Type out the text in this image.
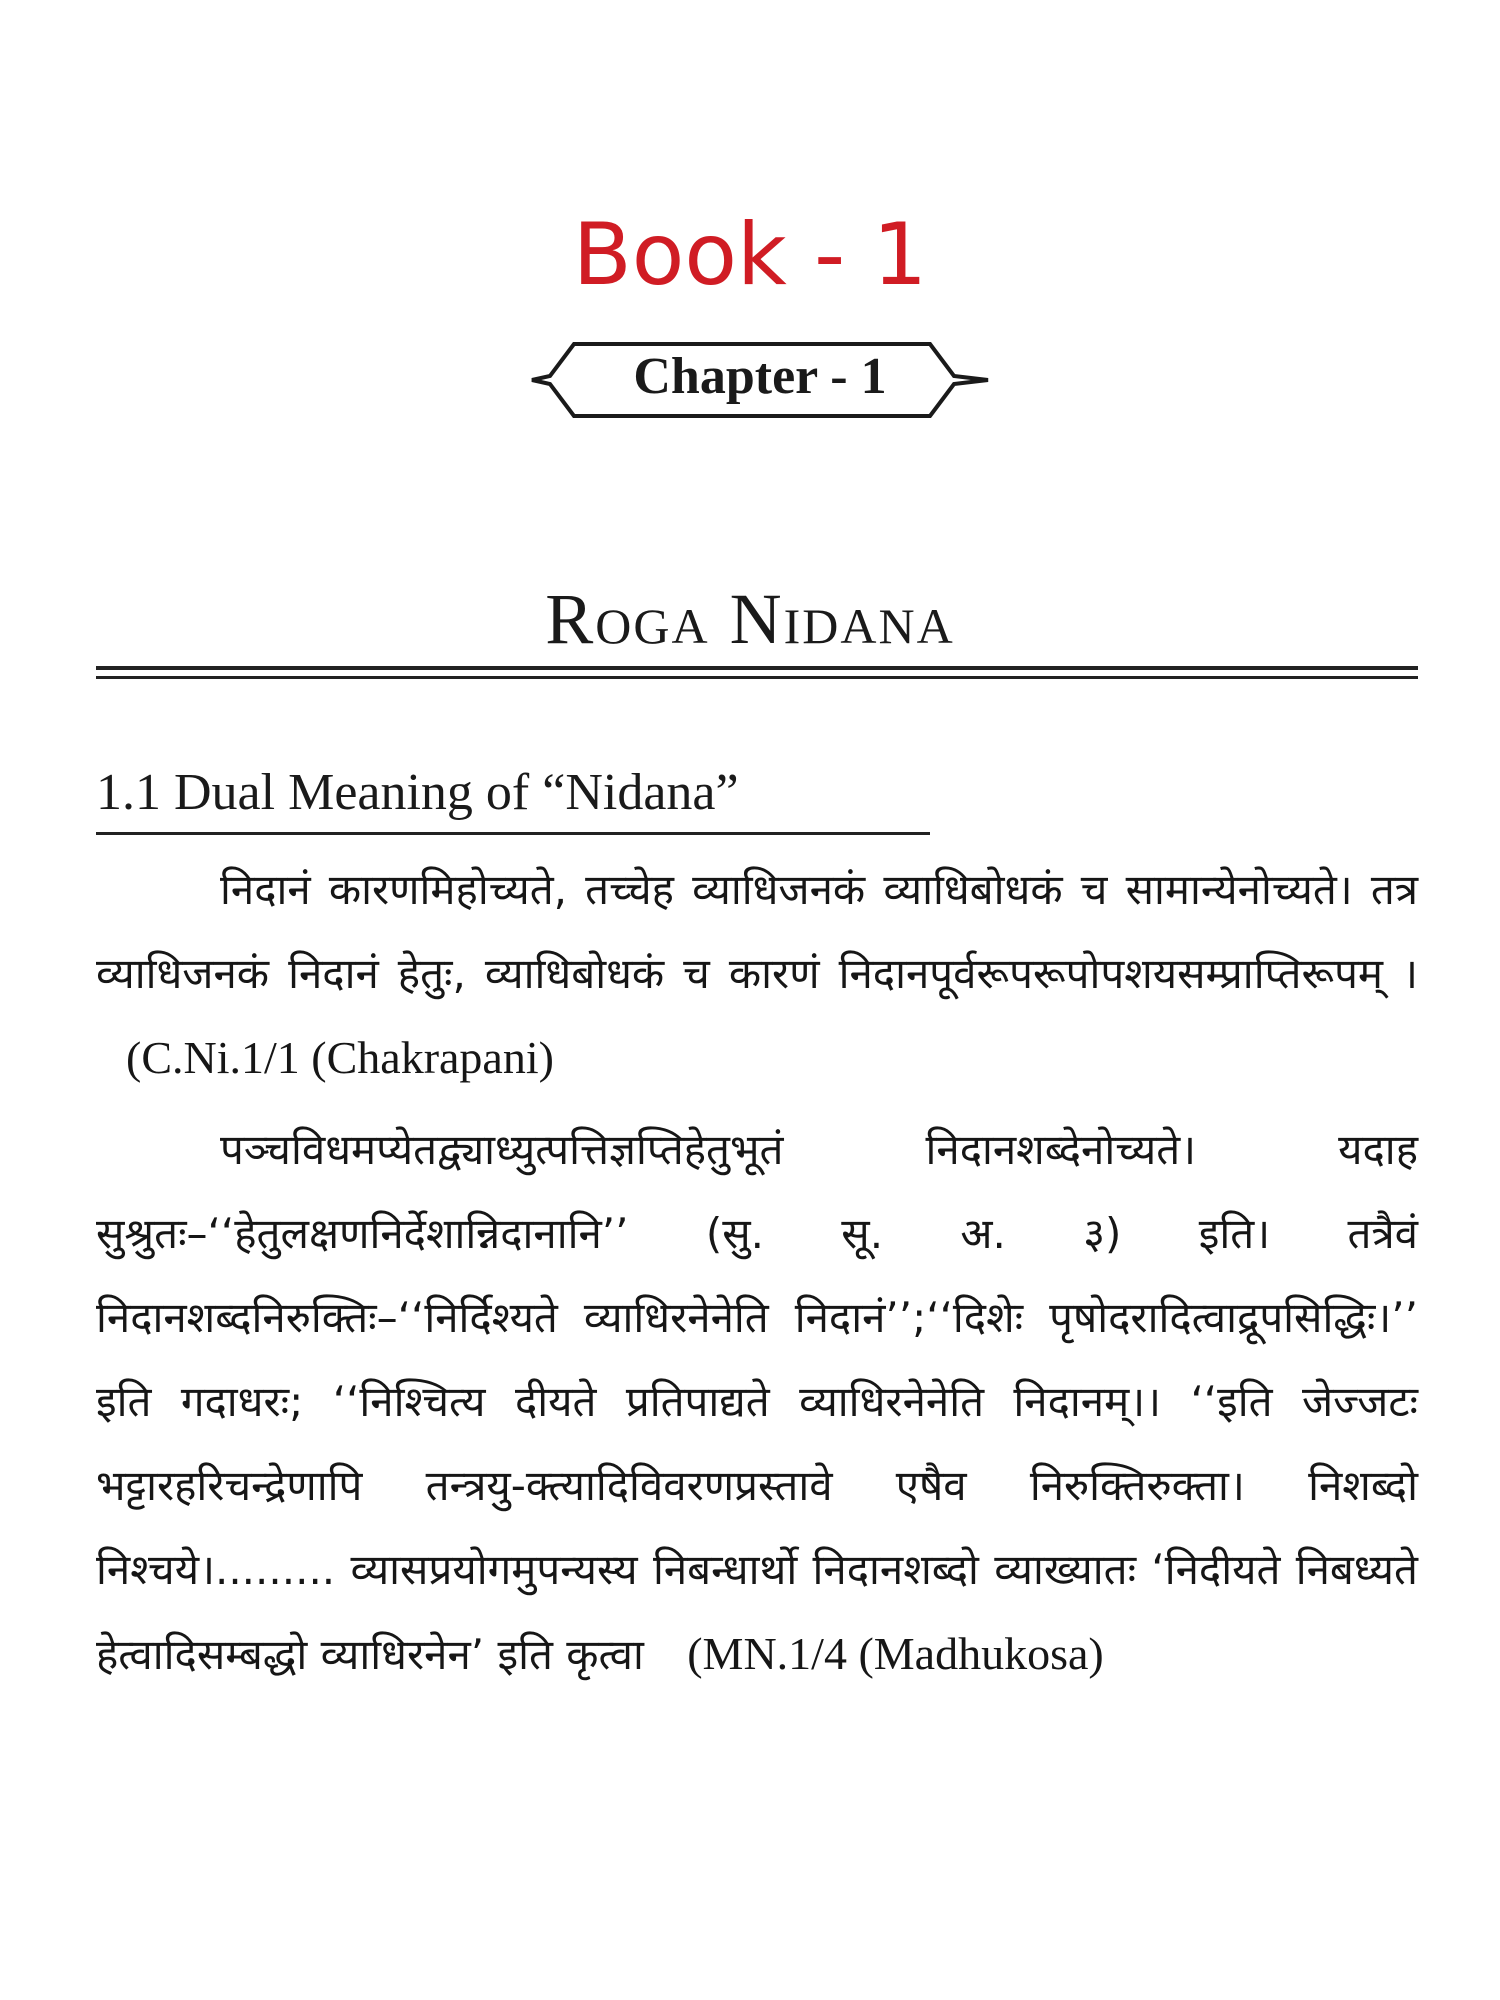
Book - 1
Chapter - 1
Roga Nidana
1.1 Dual Meaning of “Nidana”
निदानं कारणमिहोच्यते, तच्चेह व्याधिजनकं व्याधिबोधकं च सामान्येनोच्यते। तत्र व्याधिजनकं निदानं हेतुः, व्याधिबोधकं च कारणं निदानपूर्वरूपरूपोपशयसम्प्राप्तिरूपम् । (C.Ni.1/1 (Chakrapani)
पञ्चविधमप्येतद्व्याध्युत्पत्तिज्ञप्तिहेतुभूतं निदानशब्देनोच्यते। यदाह सुश्रुतः–‘‘हेतुलक्षणनिर्देशान्निदानानि’’ (सु. सू. अ. ३) इति। तत्रैवं निदानशब्दनिरुक्तिः–‘‘निर्दिश्यते व्याधिरनेनेति निदानं’’;‘‘दिशेः पृषोदरादित्वाद्रूपसिद्धिः।’’ इति गदाधरः; ‘‘निश्चित्य दीयते प्रतिपाद्यते व्याधिरनेनेति निदानम्।। ‘‘इति जेज्जटः भट्टारहरिचन्द्रेणापि तन्त्रयु-क्त्यादिविवरणप्रस्तावे एषैव निरुक्तिरुक्ता। निशब्दो निश्चये।......... व्यासप्रयोगमुपन्यस्य निबन्धार्थो निदानशब्दो व्याख्यातः ‘निदीयते निबध्यते हेत्वादिसम्बद्धो व्याधिरनेन’ इति कृत्वा (MN.1/4 (Madhukosa)
